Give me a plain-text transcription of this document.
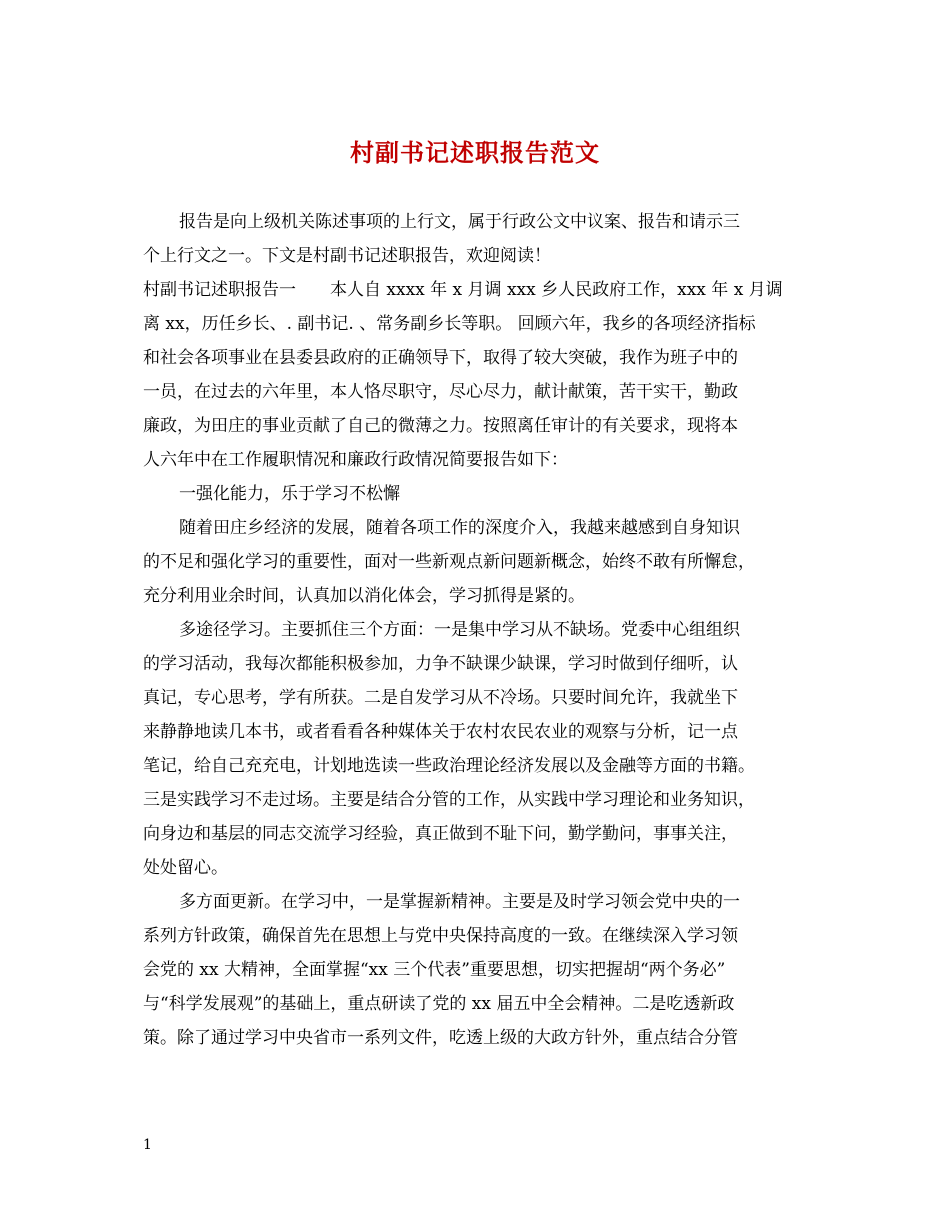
村副书记述职报告范文
报告是向上级机关陈述事项的上行文，属于行政公文中议案、报告和请示三
个上行文之一。下文是村副书记述职报告，欢迎阅读！
村副书记述职报告一　　本人自 xxxx 年 x 月调 xxx 乡人民政府工作，xxx 年 x 月调
离 xx，历任乡长、. 副书记. 、常务副乡长等职。 回顾六年，我乡的各项经济指标
和社会各项事业在县委县政府的正确领导下，取得了较大突破，我作为班子中的
一员，在过去的六年里，本人恪尽职守，尽心尽力，献计献策，苦干实干，勤政
廉政，为田庄的事业贡献了自己的微薄之力。按照离任审计的有关要求，现将本
人六年中在工作履职情况和廉政行政情况简要报告如下：
一强化能力，乐于学习不松懈
随着田庄乡经济的发展，随着各项工作的深度介入，我越来越感到自身知识
的不足和强化学习的重要性，面对一些新观点新问题新概念，始终不敢有所懈怠，
充分利用业余时间，认真加以消化体会，学习抓得是紧的。
多途径学习。主要抓住三个方面：一是集中学习从不缺场。党委中心组组织
的学习活动，我每次都能积极参加，力争不缺课少缺课，学习时做到仔细听，认
真记，专心思考，学有所获。二是自发学习从不冷场。只要时间允许，我就坐下
来静静地读几本书，或者看看各种媒体关于农村农民农业的观察与分析，记一点
笔记，给自己充充电，计划地选读一些政治理论经济发展以及金融等方面的书籍。
三是实践学习不走过场。主要是结合分管的工作，从实践中学习理论和业务知识，
向身边和基层的同志交流学习经验，真正做到不耻下问，勤学勤问，事事关注，
处处留心。
多方面更新。在学习中，一是掌握新精神。主要是及时学习领会党中央的一
系列方针政策，确保首先在思想上与党中央保持高度的一致。在继续深入学习领
会党的 xx 大精神，全面掌握“xx 三个代表”重要思想，切实把握胡“两个务必”
与“科学发展观”的基础上，重点研读了党的 xx 届五中全会精神。二是吃透新政
策。除了通过学习中央省市一系列文件，吃透上级的大政方针外，重点结合分管
1
